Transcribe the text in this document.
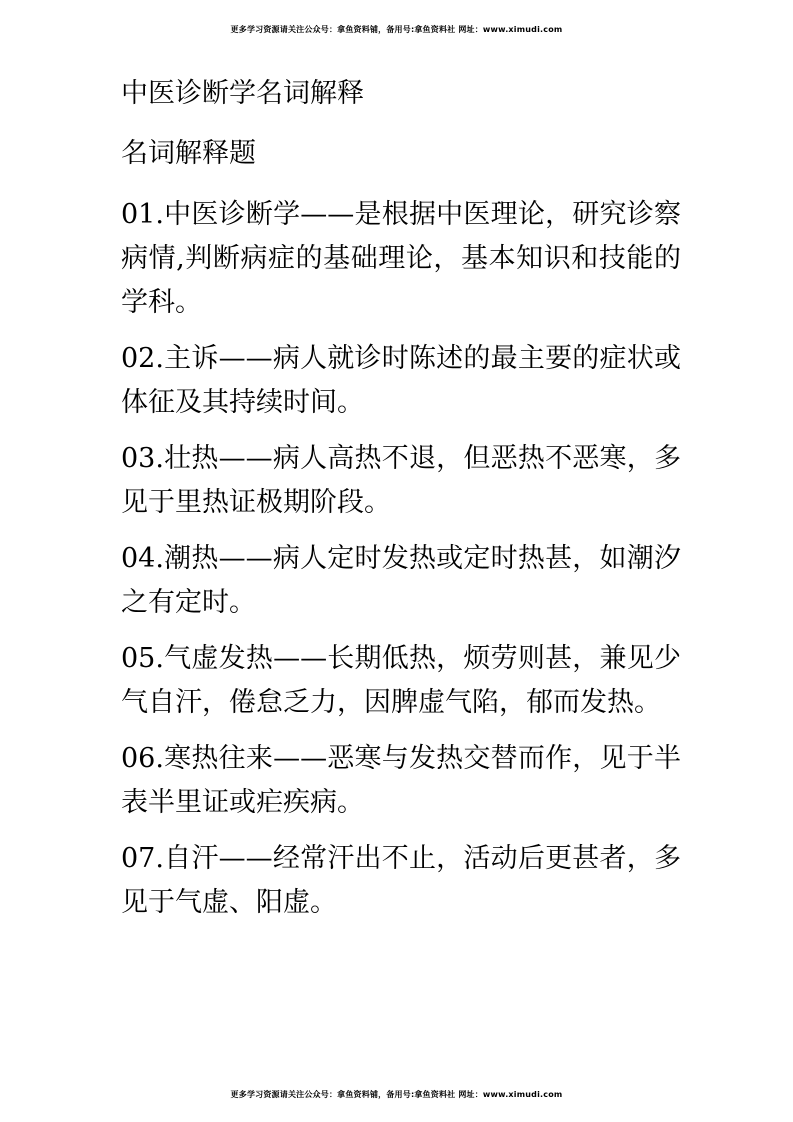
更多学习资源请关注公众号：拿鱼资料铺，备用号:拿鱼资料社 网址：www.ximudi.com
中医诊断学名词解释
名词解释题

01.中医诊断学——是根据中医理论，研究诊察病情,判断病症的基础理论，基本知识和技能的学科。

02.主诉——病人就诊时陈述的最主要的症状或体征及其持续时间。

03.壮热——病人高热不退，但恶热不恶寒，多见于里热证极期阶段。

04.潮热——病人定时发热或定时热甚，如潮汐之有定时。

05.气虚发热——长期低热，烦劳则甚，兼见少气自汗，倦怠乏力，因脾虚气陷，郁而发热。

06.寒热往来——恶寒与发热交替而作，见于半表半里证或疟疾病。

07.自汗——经常汗出不止，活动后更甚者，多见于气虚、阳虚。

更多学习资源请关注公众号：拿鱼资料铺，备用号:拿鱼资料社 网址：www.ximudi.com
